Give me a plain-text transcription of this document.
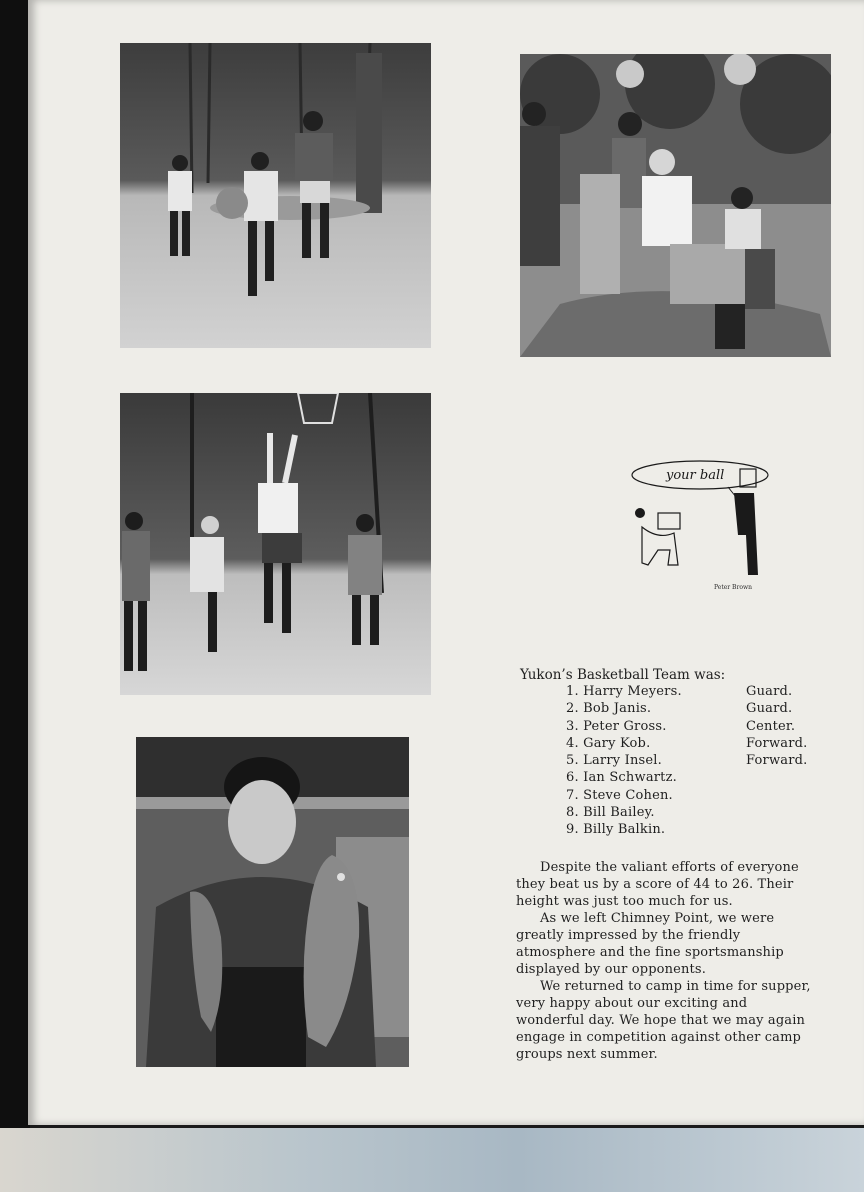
your ball
Peter Brown
Yukon’s Basketball Team was:
1. Harry Meyers.	Guard.
2. Bob Janis.	Guard.
3. Peter Gross.	Center.
4. Gary Kob.	Forward.
5. Larry Insel.	Forward.
6. Ian Schwartz.
7. Steve Cohen.
8. Bill Bailey.
9. Billy Balkin.

Despite the valiant efforts of everyone they beat us by a score of 44 to 26. Their height was just too much for us.

As we left Chimney Point, we were greatly impressed by the friendly atmosphere and the fine sportsmanship displayed by our opponents.

We returned to camp in time for supper, very happy about our exciting and wonderful day. We hope that we may again engage in competition against other camp groups next summer.
